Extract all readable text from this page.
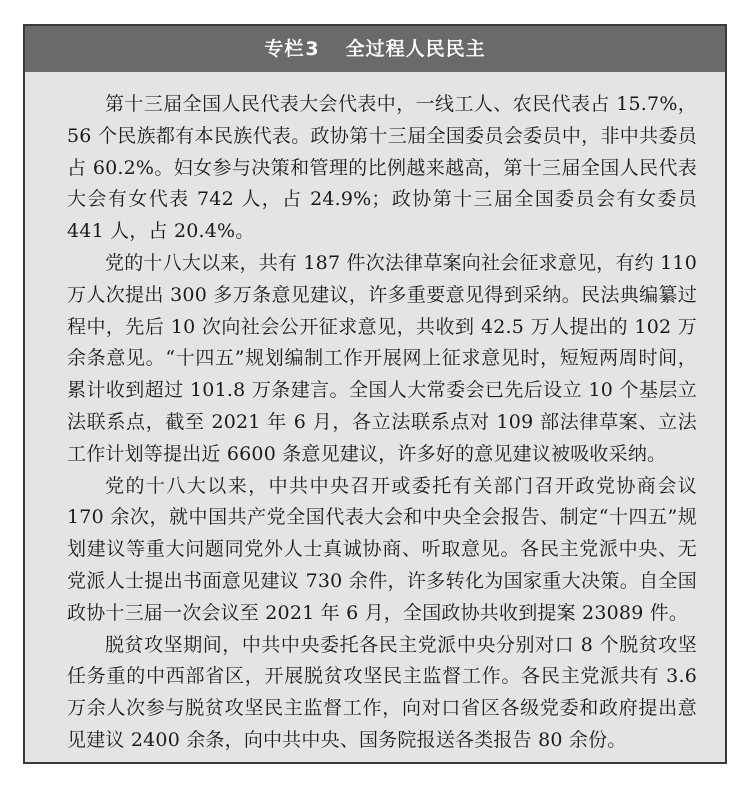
专栏3 全过程人民民主

第十三届全国人民代表大会代表中，一线工人、农民代表占 15.7%，56 个民族都有本民族代表。政协第十三届全国委员会委员中，非中共委员占 60.2%。妇女参与决策和管理的比例越来越高，第十三届全国人民代表大会有女代表 742 人，占 24.9%；政协第十三届全国委员会有女委员 441 人，占 20.4%。

党的十八大以来，共有 187 件次法律草案向社会征求意见，有约 110 万人次提出 300 多万条意见建议，许多重要意见得到采纳。民法典编纂过程中，先后 10 次向社会公开征求意见，共收到 42.5 万人提出的 102 万余条意见。“十四五”规划编制工作开展网上征求意见时，短短两周时间，累计收到超过 101.8 万条建言。全国人大常委会已先后设立 10 个基层立法联系点，截至 2021 年 6 月，各立法联系点对 109 部法律草案、立法工作计划等提出近 6600 条意见建议，许多好的意见建议被吸收采纳。

党的十八大以来，中共中央召开或委托有关部门召开政党协商会议 170 余次，就中国共产党全国代表大会和中央全会报告、制定“十四五”规划建议等重大问题同党外人士真诚协商、听取意见。各民主党派中央、无党派人士提出书面意见建议 730 余件，许多转化为国家重大决策。自全国政协十三届一次会议至 2021 年 6 月，全国政协共收到提案 23089 件。

脱贫攻坚期间，中共中央委托各民主党派中央分别对口 8 个脱贫攻坚任务重的中西部省区，开展脱贫攻坚民主监督工作。各民主党派共有 3.6 万余人次参与脱贫攻坚民主监督工作，向对口省区各级党委和政府提出意见建议 2400 余条，向中共中央、国务院报送各类报告 80 余份。
